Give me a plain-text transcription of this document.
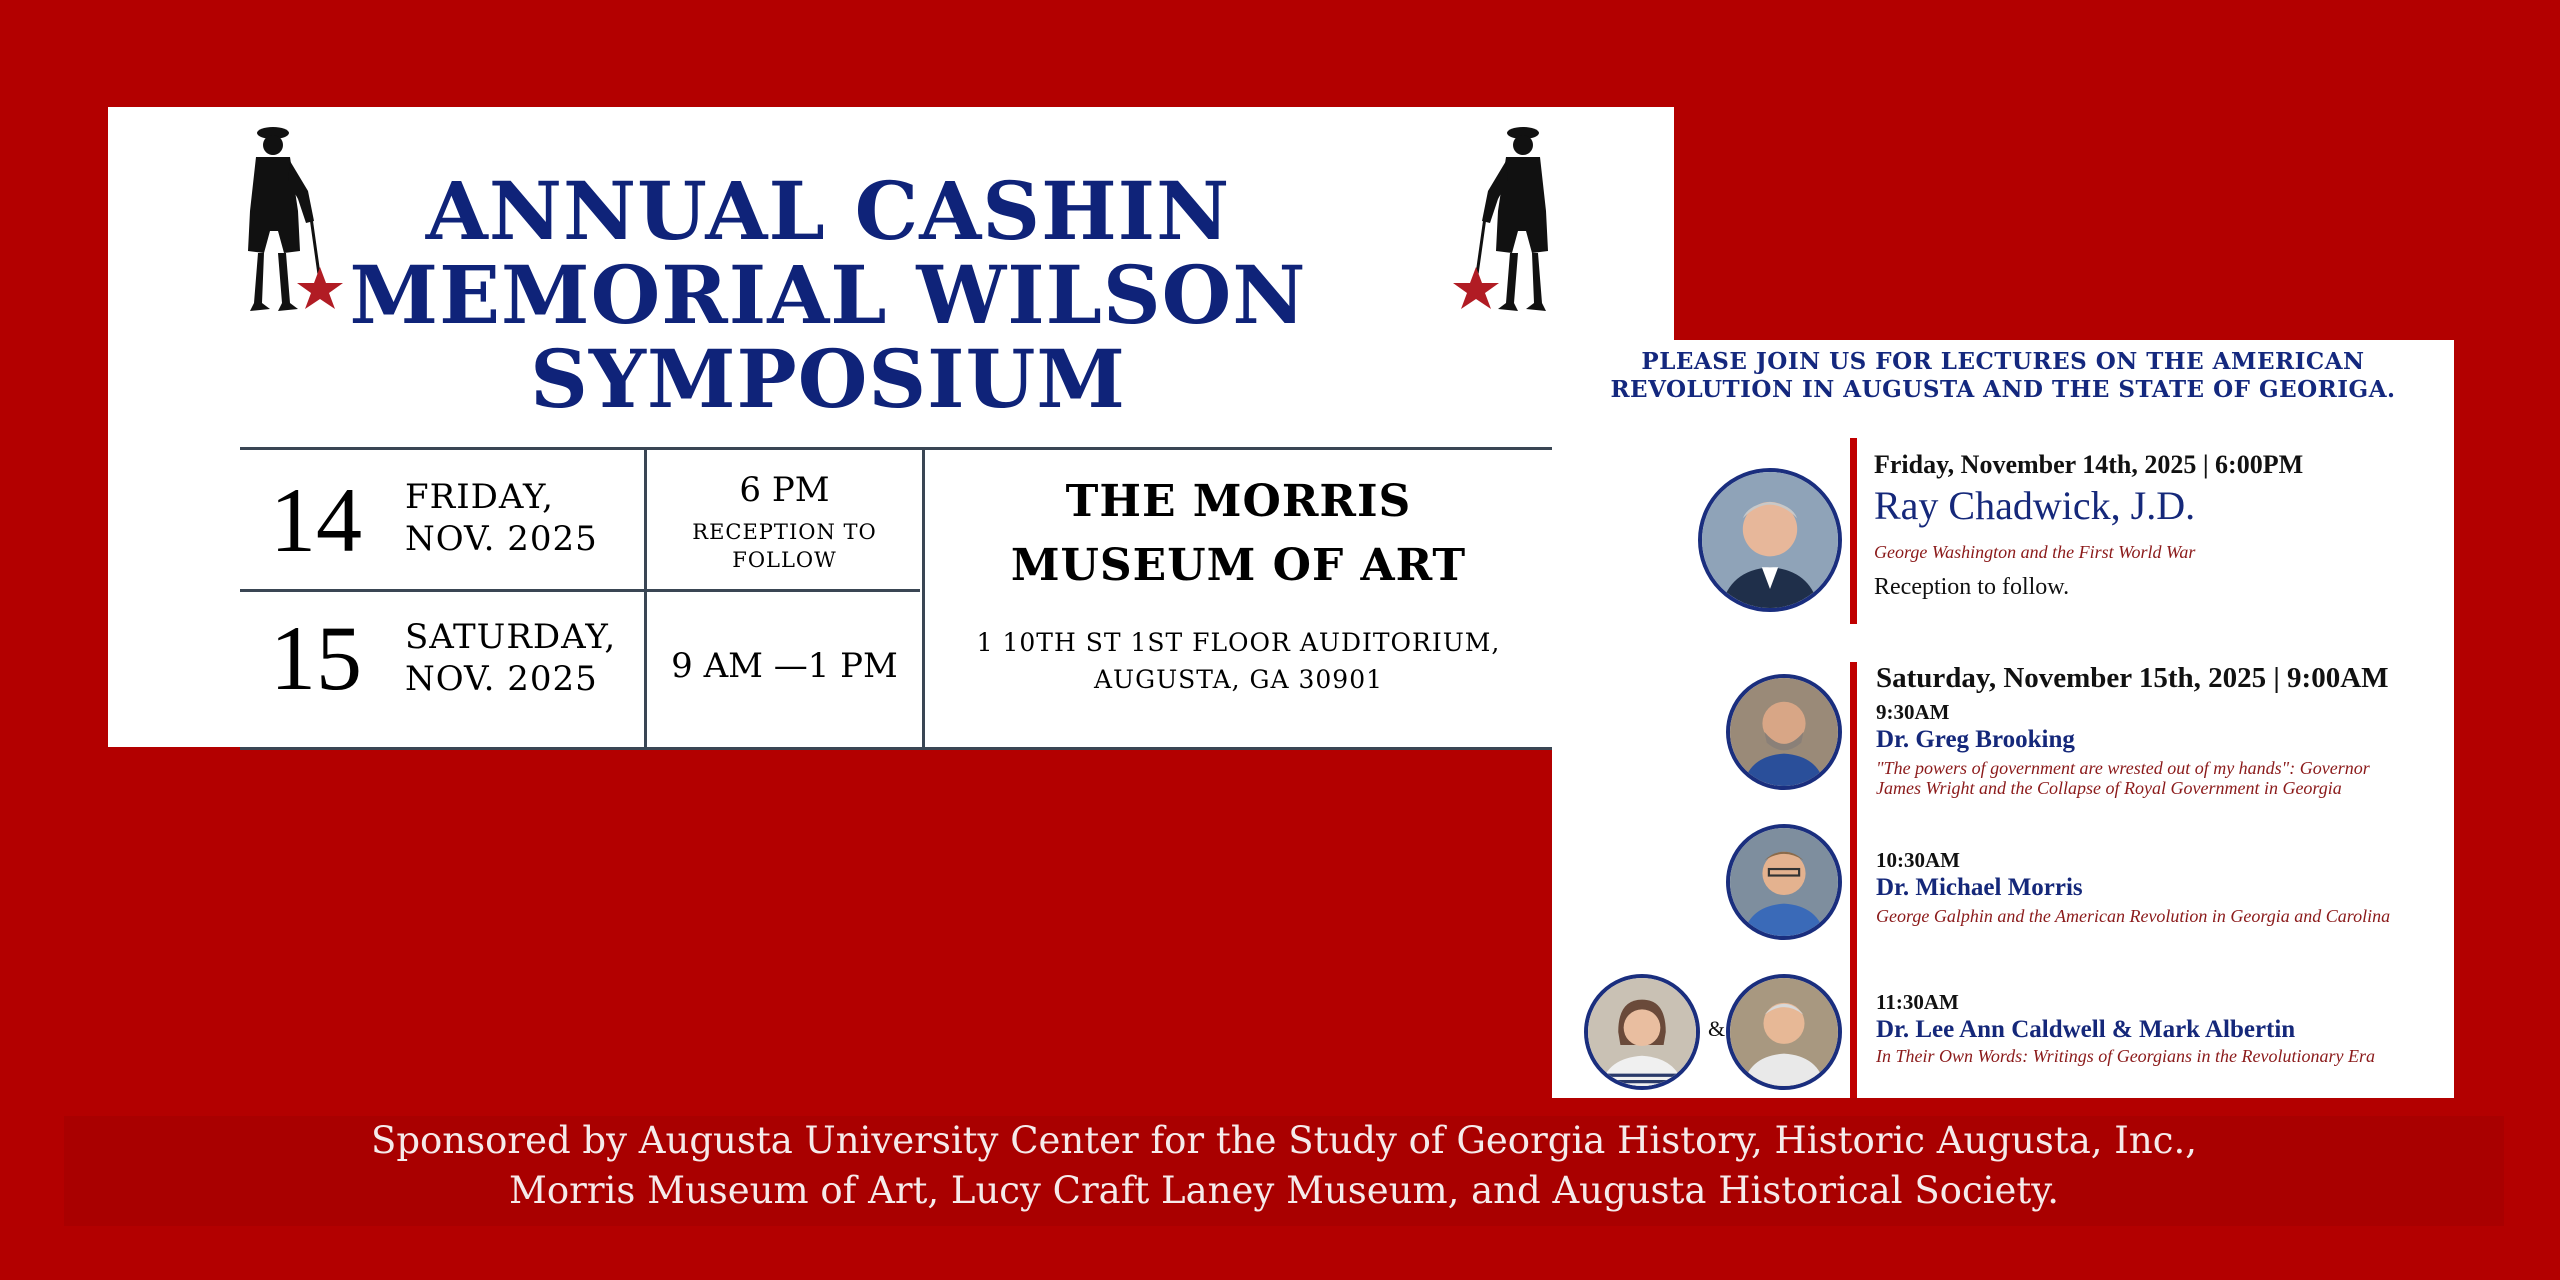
ANNUAL CASHIN
MEMORIAL WILSON
SYMPOSIUM
14 FRIDAY,
NOV. 2025
6 PM
RECEPTION TO
FOLLOW
15 SATURDAY,
NOV. 2025	9 AM —1 PM
THE MORRIS
MUSEUM OF ART
1 10TH ST 1ST FLOOR AUDITORIUM,
AUGUSTA, GA 30901
PLEASE JOIN US FOR LECTURES ON THE AMERICAN
REVOLUTION IN AUGUSTA AND THE STATE OF GEORIGA.
Friday, November 14th, 2025 | 6:00PM
Ray Chadwick, J.D.
George Washington and the First World War
Reception to follow.
Saturday, November 15th, 2025 | 9:00AM
9:30AM
Dr. Greg Brooking
"The powers of government are wrested out of my hands": Governor
James Wright and the Collapse of Royal Government in Georgia
10:30AM
Dr. Michael Morris
George Galphin and the American Revolution in Georgia and Carolina
&
11:30AM
Dr. Lee Ann Caldwell & Mark Albertin
In Their Own Words: Writings of Georgians in the Revolutionary Era
Sponsored by Augusta University Center for the Study of Georgia History, Historic Augusta, Inc.,
Morris Museum of Art, Lucy Craft Laney Museum, and Augusta Historical Society.
